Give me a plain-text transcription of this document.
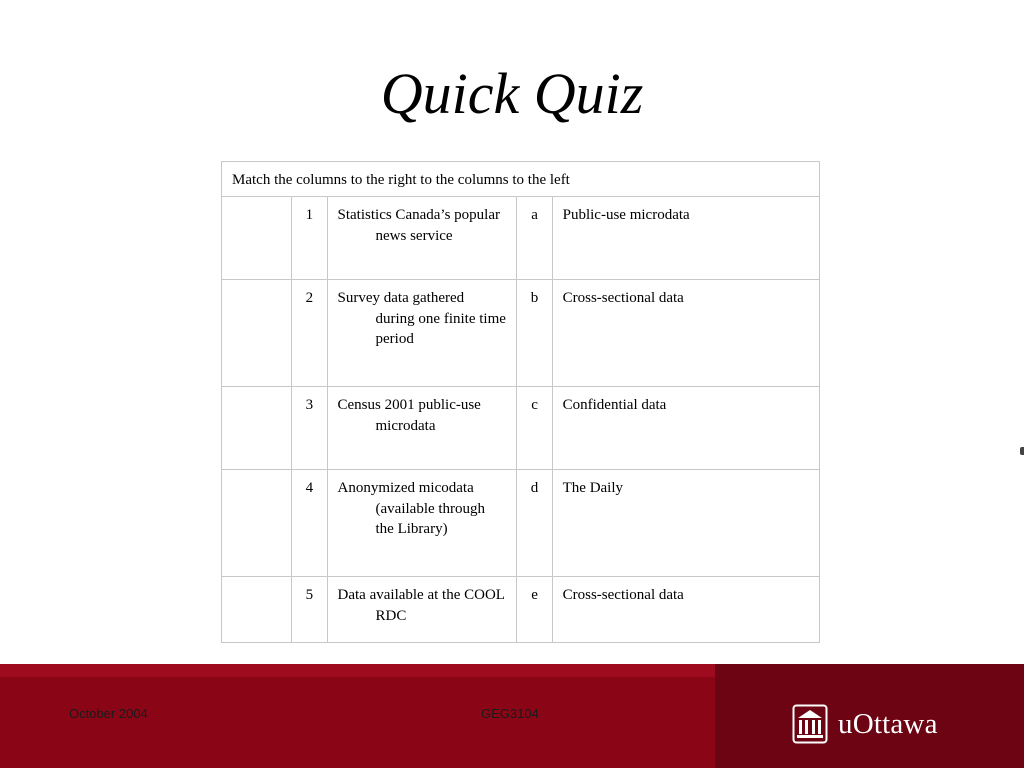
Quick Quiz
Match the columns to the right to the columns to the left				
	1	Statistics Canada’s popular news service	a	Public-use microdata
	2	Survey data gathered during one finite time period	b	Cross-sectional data
	3	Census 2001 public-use microdata	c	Confidential data
	4	Anonymized micodata (available through the Library)	d	The Daily
	5	Data available at the COOL RDC	e	Cross-sectional data
October 2004	GEG3104	uOttawa
